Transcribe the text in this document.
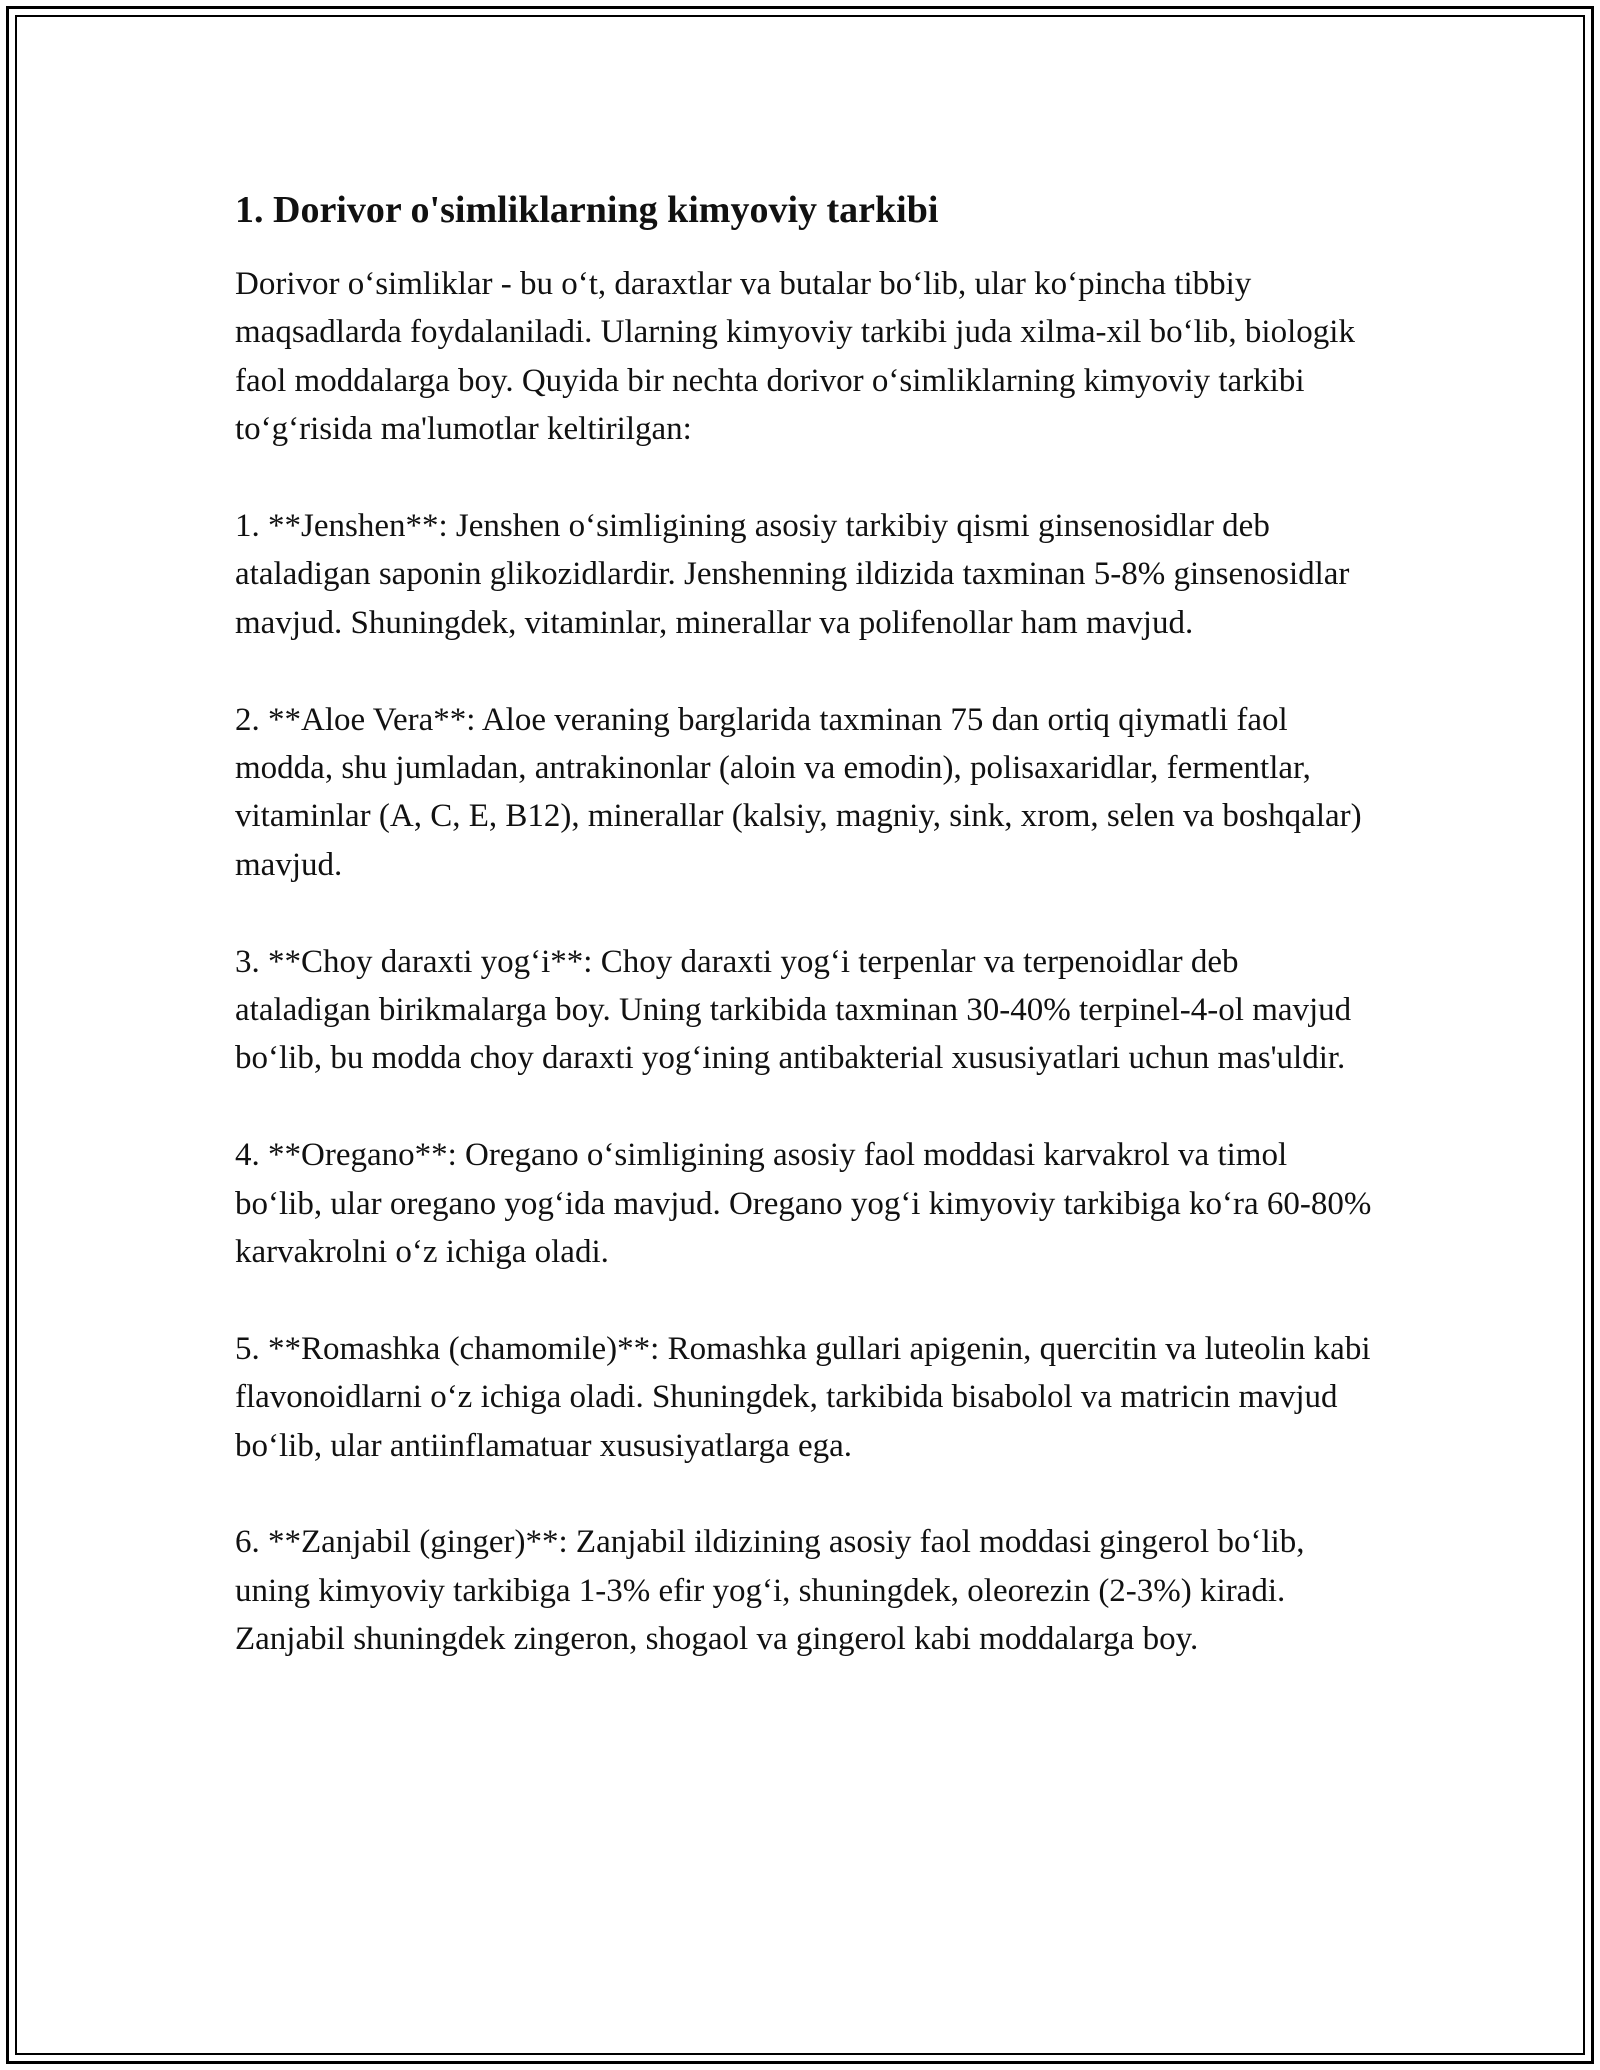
1. Dorivor o'simliklarning kimyoviy tarkibi

Dorivor o‘simliklar - bu o‘t, daraxtlar va butalar bo‘lib, ular ko‘pincha tibbiy maqsadlarda foydalaniladi. Ularning kimyoviy tarkibi juda xilma-xil bo‘lib, biologik faol moddalarga boy. Quyida bir nechta dorivor o‘simliklarning kimyoviy tarkibi to‘g‘risida ma'lumotlar keltirilgan:

1. **Jenshen**: Jenshen o‘simligining asosiy tarkibiy qismi ginsenosidlar deb ataladigan saponin glikozidlardir. Jenshenning ildizida taxminan 5-8% ginsenosidlar mavjud. Shuningdek, vitaminlar, minerallar va polifenollar ham mavjud.

2. **Aloe Vera**: Aloe veraning barglarida taxminan 75 dan ortiq qiymatli faol modda, shu jumladan, antrakinonlar (aloin va emodin), polisaxaridlar, fermentlar, vitaminlar (A, C, E, B12), minerallar (kalsiy, magniy, sink, xrom, selen va boshqalar) mavjud.

3. **Choy daraxti yog‘i**: Choy daraxti yog‘i terpenlar va terpenoidlar deb ataladigan birikmalarga boy. Uning tarkibida taxminan 30-40% terpinel-4-ol mavjud bo‘lib, bu modda choy daraxti yog‘ining antibakterial xususiyatlari uchun mas'uldir.

4. **Oregano**: Oregano o‘simligining asosiy faol moddasi karvakrol va timol bo‘lib, ular oregano yog‘ida mavjud. Oregano yog‘i kimyoviy tarkibiga ko‘ra 60-80% karvakrolni o‘z ichiga oladi.

5. **Romashka (chamomile)**: Romashka gullari apigenin, quercitin va luteolin kabi flavonoidlarni o‘z ichiga oladi. Shuningdek, tarkibida bisabolol va matricin mavjud bo‘lib, ular antiinflamatuar xususiyatlarga ega.

6. **Zanjabil (ginger)**: Zanjabil ildizining asosiy faol moddasi gingerol bo‘lib, uning kimyoviy tarkibiga 1-3% efir yog‘i, shuningdek, oleorezin (2-3%) kiradi. Zanjabil shuningdek zingeron, shogaol va gingerol kabi moddalarga boy.
